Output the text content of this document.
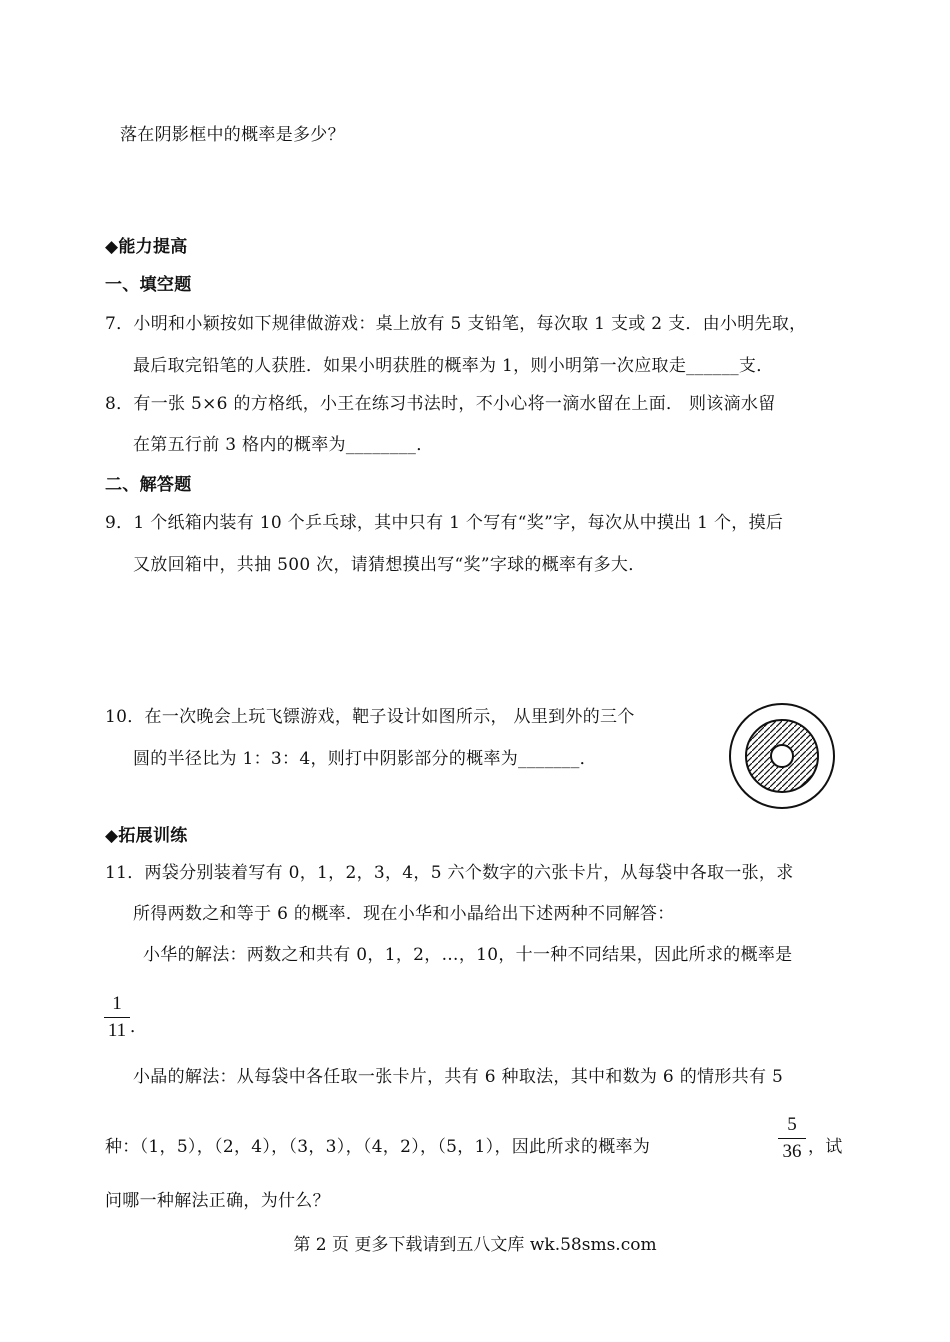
落在阴影框中的概率是多少？
◆能力提高
一、填空题
7．小明和小颖按如下规律做游戏：桌上放有 5 支铅笔，每次取 1 支或 2 支．由小明先取，
最后取完铅笔的人获胜．如果小明获胜的概率为 1，则小明第一次应取走______支．
8．有一张 5×6 的方格纸，小王在练习书法时，不小心将一滴水留在上面． 则该滴水留
在第五行前 3 格内的概率为________．
二、解答题
9．1 个纸箱内装有 10 个乒乓球，其中只有 1 个写有“奖”字，每次从中摸出 1 个，摸后
又放回箱中，共抽 500 次，请猜想摸出写“奖”字球的概率有多大．
10．在一次晚会上玩飞镖游戏，靶子设计如图所示， 从里到外的三个
圆的半径比为 1：3：4，则打中阴影部分的概率为_______．
◆拓展训练
11．两袋分别装着写有 0，1，2，3，4，5 六个数字的六张卡片，从每袋中各取一张，求
所得两数之和等于 6 的概率．现在小华和小晶给出下述两种不同解答：
小华的解法：两数之和共有 0，1，2，…，10，十一种不同结果，因此所求的概率是
1
11 ．
小晶的解法：从每袋中各任取一张卡片，共有 6 种取法，其中和数为 6 的情形共有 5
种：（1，5），（2，4），（3，3），（4，2），（5，1），因此所求的概率为
5
36 ，试
问哪一种解法正确，为什么？
第 2 页 更多下载请到五八文库 wk.58sms.com
